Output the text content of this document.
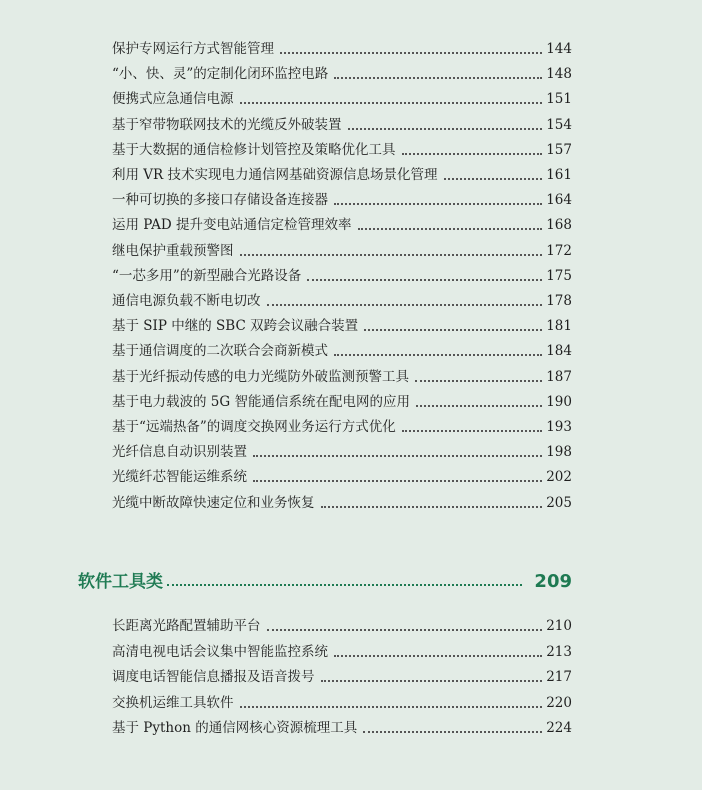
保护专网运行方式智能管理	144
“小、快、灵”的定制化闭环监控电路	148
便携式应急通信电源	151
基于窄带物联网技术的光缆反外破装置	154
基于大数据的通信检修计划管控及策略优化工具	157
利用 VR 技术实现电力通信网基础资源信息场景化管理	161
一种可切换的多接口存储设备连接器	164
运用 PAD 提升变电站通信定检管理效率	168
继电保护重载预警图	172
“一芯多用”的新型融合光路设备	175
通信电源负载不断电切改	178
基于 SIP 中继的 SBC 双跨会议融合装置	181
基于通信调度的二次联合会商新模式	184
基于光纤振动传感的电力光缆防外破监测预警工具	187
基于电力载波的 5G 智能通信系统在配电网的应用	190
基于“远端热备”的调度交换网业务运行方式优化	193
光纤信息自动识别装置	198
光缆纤芯智能运维系统	202
光缆中断故障快速定位和业务恢复	205
软件工具类	209
长距离光路配置辅助平台	210
高清电视电话会议集中智能监控系统	213
调度电话智能信息播报及语音拨号	217
交换机运维工具软件	220
基于 Python 的通信网核心资源梳理工具	224
